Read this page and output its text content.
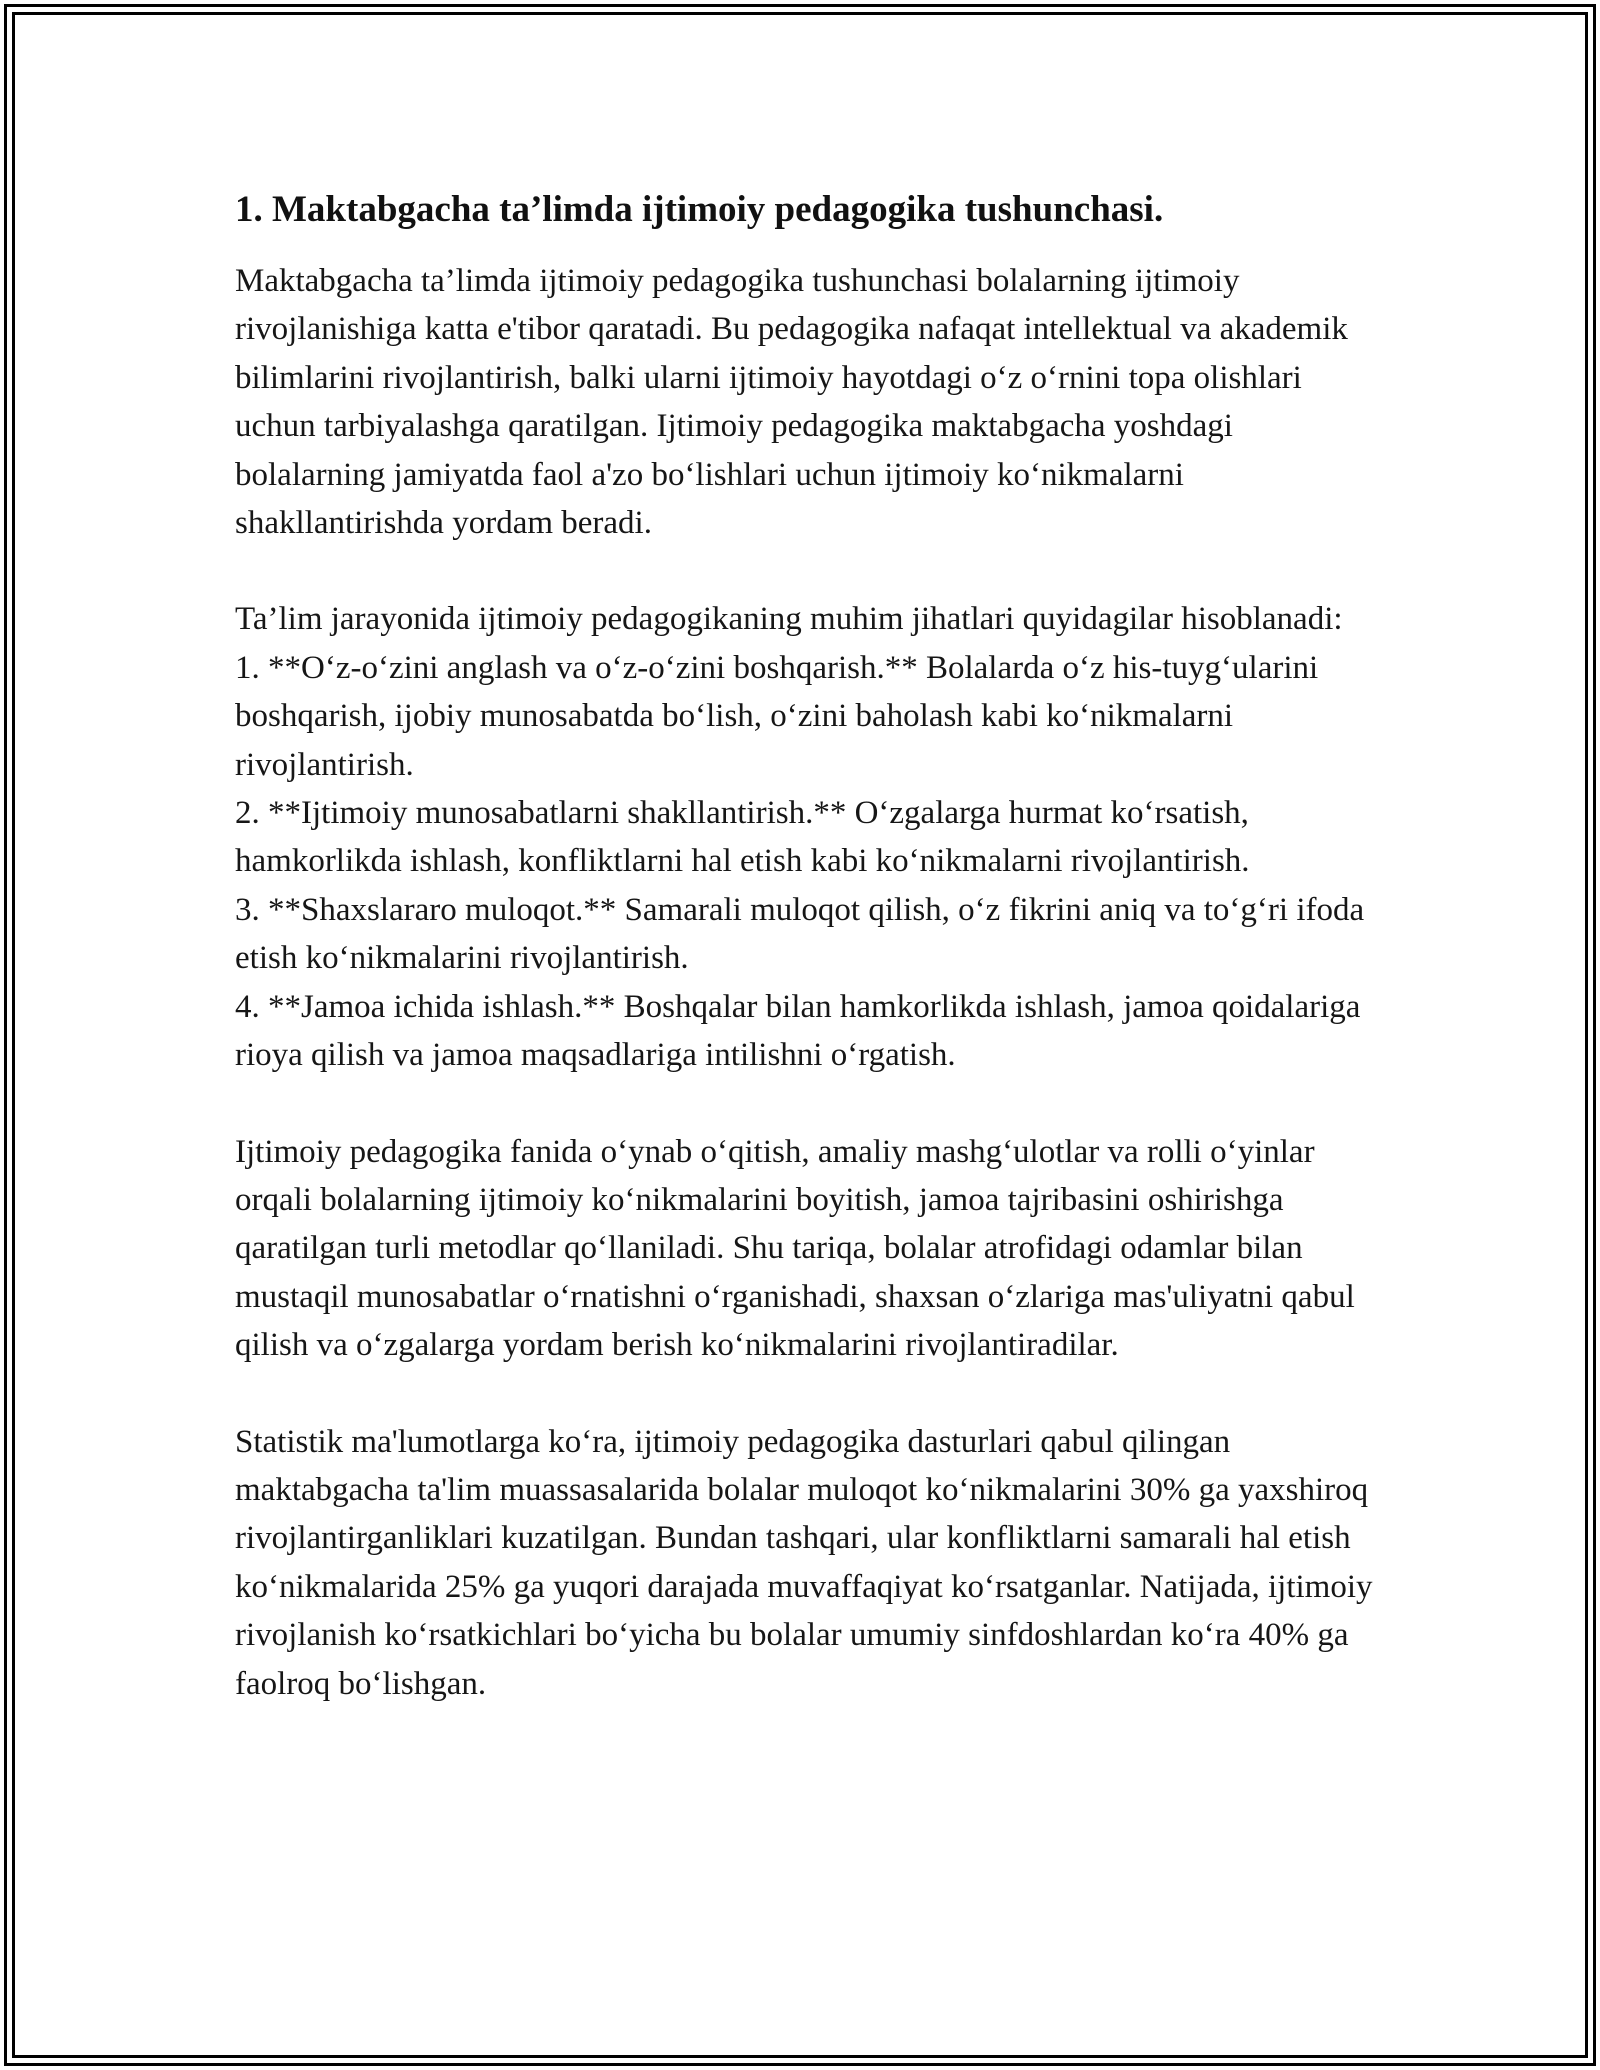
1. Maktabgacha ta’limda ijtimoiy pedagogika tushunchasi.

Maktabgacha ta’limda ijtimoiy pedagogika tushunchasi bolalarning ijtimoiy rivojlanishiga katta e'tibor qaratadi. Bu pedagogika nafaqat intellektual va akademik bilimlarini rivojlantirish, balki ularni ijtimoiy hayotdagi o‘z o‘rnini topa olishlari uchun tarbiyalashga qaratilgan. Ijtimoiy pedagogika maktabgacha yoshdagi bolalarning jamiyatda faol a'zo bo‘lishlari uchun ijtimoiy ko‘nikmalarni shakllantirishda yordam beradi.

Ta’lim jarayonida ijtimoiy pedagogikaning muhim jihatlari quyidagilar hisoblanadi:

1. **O‘z-o‘zini anglash va o‘z-o‘zini boshqarish.** Bolalarda o‘z his-tuyg‘ularini boshqarish, ijobiy munosabatda bo‘lish, o‘zini baholash kabi ko‘nikmalarni rivojlantirish.

2. **Ijtimoiy munosabatlarni shakllantirish.** O‘zgalarga hurmat ko‘rsatish, hamkorlikda ishlash, konfliktlarni hal etish kabi ko‘nikmalarni rivojlantirish.

3. **Shaxslararo muloqot.** Samarali muloqot qilish, o‘z fikrini aniq va to‘g‘ri ifoda etish ko‘nikmalarini rivojlantirish.

4. **Jamoa ichida ishlash.** Boshqalar bilan hamkorlikda ishlash, jamoa qoidalariga rioya qilish va jamoa maqsadlariga intilishni o‘rgatish.

Ijtimoiy pedagogika fanida o‘ynab o‘qitish, amaliy mashg‘ulotlar va rolli o‘yinlar orqali bolalarning ijtimoiy ko‘nikmalarini boyitish, jamoa tajribasini oshirishga qaratilgan turli metodlar qo‘llaniladi. Shu tariqa, bolalar atrofidagi odamlar bilan mustaqil munosabatlar o‘rnatishni o‘rganishadi, shaxsan o‘zlariga mas'uliyatni qabul qilish va o‘zgalarga yordam berish ko‘nikmalarini rivojlantiradilar.

Statistik ma'lumotlarga ko‘ra, ijtimoiy pedagogika dasturlari qabul qilingan maktabgacha ta'lim muassasalarida bolalar muloqot ko‘nikmalarini 30% ga yaxshiroq rivojlantirganliklari kuzatilgan. Bundan tashqari, ular konfliktlarni samarali hal etish ko‘nikmalarida 25% ga yuqori darajada muvaffaqiyat ko‘rsatganlar. Natijada, ijtimoiy rivojlanish ko‘rsatkichlari bo‘yicha bu bolalar umumiy sinfdoshlardan ko‘ra 40% ga faolroq bo‘lishgan.
